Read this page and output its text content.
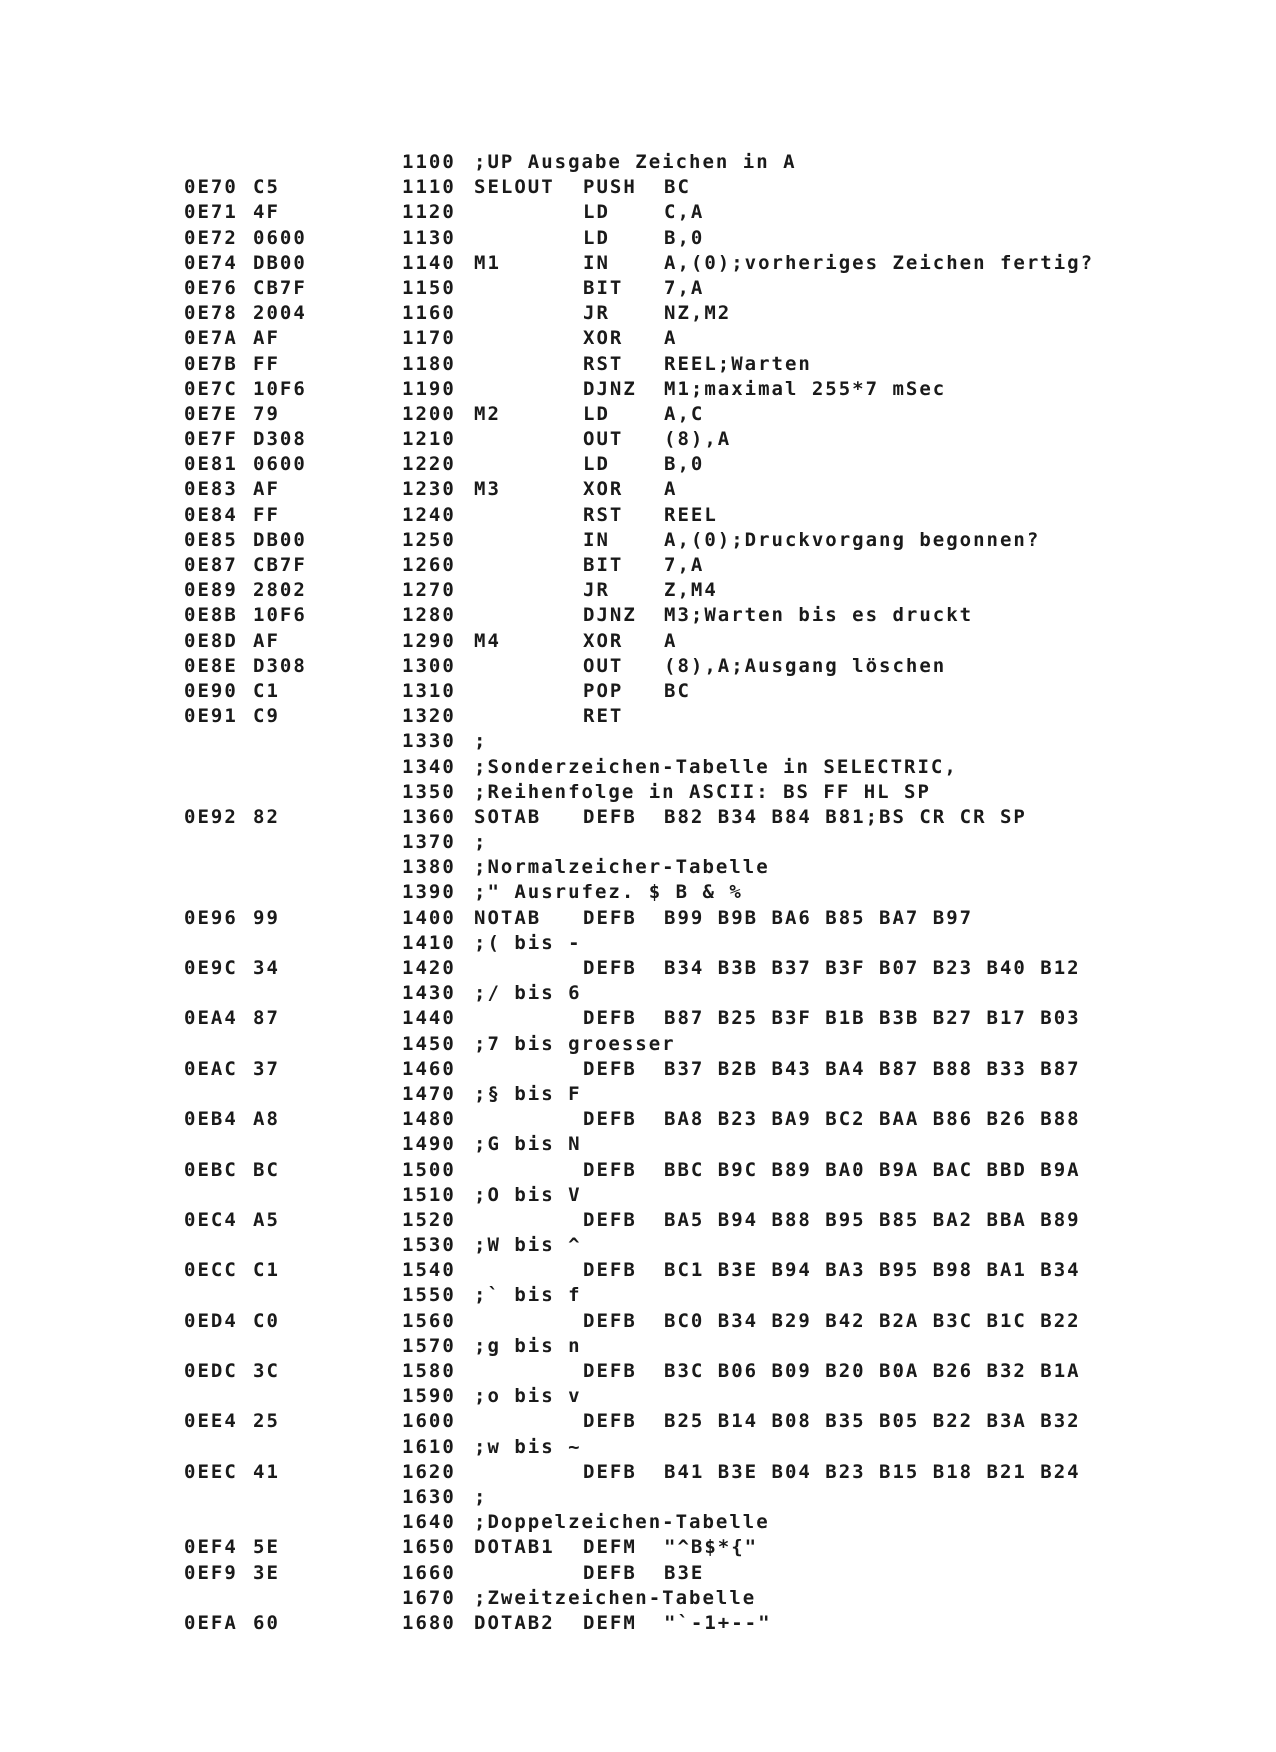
1100 ;UP Ausgabe Zeichen in A
0E70 C5	1110 SELOUT PUSH BC
0E71 4F	1120	LD	C,A
0E72 0600	1130	LD	B,0
0E74 DB00	1140 M1	IN	A,(0);vorheriges Zeichen fertig?
0E76 CB7F	1150	BIT 7,A
0E78 2004	1160	JR	NZ,M2
0E7A AF	1170	XOR A
0E7B FF	1180	RST REEL;Warten
0E7C 10F6	1190	DJNZ M1;maximal 255*7 mSec
0E7E 79	1200 M2	LD	A,C
0E7F D308	1210	OUT (8),A
0E81 0600	1220	LD	B,0
0E83 AF	1230 M3	XOR A
0E84 FF	1240	RST REEL
0E85 DB00	1250	IN	A,(0);Druckvorgang begonnen?
0E87 CB7F	1260	BIT 7,A
0E89 2802	1270	JR	Z,M4
0E8B 10F6	1280	DJNZ M3;Warten bis es druckt
0E8D AF	1290 M4	XOR A
0E8E D308	1300	OUT (8),A;Ausgang löschen
0E90 C1	1310	POP BC
0E91 C9	1320	RET
1330 ;
1340 ;Sonderzeichen-Tabelle in SELECTRIC,
1350 ;Reihenfolge in ASCII: BS FF HL SP
0E92 82	1360 SOTAB DEFB B82 B34 B84 B81;BS CR CR SP
1370 ;
1380 ;Normalzeicher-Tabelle
1390 ;" Ausrufez. $ B & %
0E96 99	1400 NOTAB DEFB B99 B9B BA6 B85 BA7 B97
1410 ;( bis -
0E9C 34	1420	DEFB B34 B3B B37 B3F B07 B23 B40 B12
1430 ;/ bis 6
0EA4 87	1440	DEFB B87 B25 B3F B1B B3B B27 B17 B03
1450 ;7 bis groesser
0EAC 37	1460	DEFB B37 B2B B43 BA4 B87 B88 B33 B87
1470 ;§ bis F
0EB4 A8	1480	DEFB BA8 B23 BA9 BC2 BAA B86 B26 B88
1490 ;G bis N
0EBC BC	1500	DEFB BBC B9C B89 BA0 B9A BAC BBD B9A
1510 ;O bis V
0EC4 A5	1520	DEFB BA5 B94 B88 B95 B85 BA2 BBA B89
1530 ;W bis ^
0ECC C1	1540	DEFB BC1 B3E B94 BA3 B95 B98 BA1 B34
1550 ;` bis f
0ED4 C0	1560	DEFB BC0 B34 B29 B42 B2A B3C B1C B22
1570 ;g bis n
0EDC 3C	1580	DEFB B3C B06 B09 B20 B0A B26 B32 B1A
1590 ;o bis v
0EE4 25	1600	DEFB B25 B14 B08 B35 B05 B22 B3A B32
1610 ;w bis ~
0EEC 41	1620	DEFB B41 B3E B04 B23 B15 B18 B21 B24
1630 ;
1640 ;Doppelzeichen-Tabelle
0EF4 5E	1650 DOTAB1 DEFM "^B$*{"
0EF9 3E	1660	DEFB B3E
1670 ;Zweitzeichen-Tabelle
0EFA 60	1680 DOTAB2 DEFM "`-1+--"
